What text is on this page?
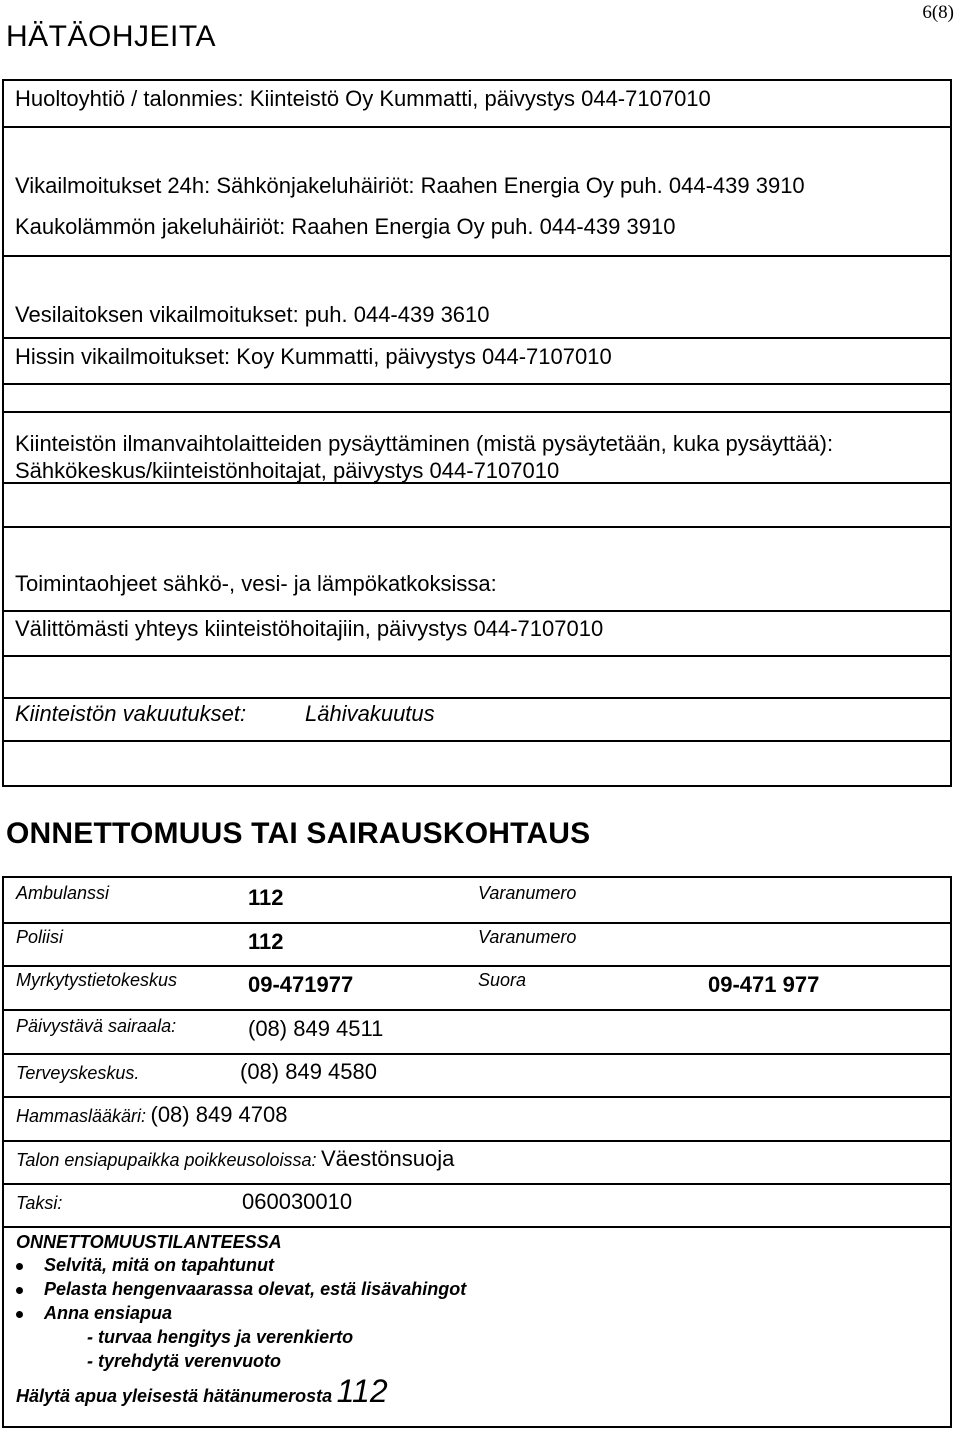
6(8)
HÄTÄOHJEITA
Huoltoyhtiö / talonmies: Kiinteistö Oy Kummatti, päivystys 044-7107010
Vikailmoitukset 24h: Sähkönjakeluhäiriöt: Raahen Energia Oy puh. 044-439 3910
Kaukolämmön jakeluhäiriöt: Raahen Energia Oy puh. 044-439 3910
Vesilaitoksen vikailmoitukset: puh. 044-439 3610
Hissin vikailmoitukset: Koy Kummatti, päivystys 044-7107010
Kiinteistön ilmanvaihtolaitteiden pysäyttäminen (mistä pysäytetään, kuka pysäyttää):
Sähkökeskus/kiinteistönhoitajat, päivystys 044-7107010
Toimintaohjeet sähkö-, vesi- ja lämpökatkoksissa:
Välittömästi yhteys kiinteistöhoitajiin, päivystys 044-7107010
Kiinteistön vakuutukset:	Lähivakuutus
ONNETTOMUUS TAI SAIRAUSKOHTAUS
Ambulanssi	112	Varanumero
Poliisi	112	Varanumero
Myrkytystietokeskus	09-471977	Suora	09-471 977
Päivystävä sairaala:	(08) 849 4511
Terveyskeskus.	(08) 849 4580
Hammaslääkäri: (08) 849 4708
Talon ensiapupaikka poikkeusoloissa: Väestönsuoja
Taksi:	060030010
ONNETTOMUUSTILANTEESSA
Selvitä, mitä on tapahtunut
Pelasta hengenvaarassa olevat, estä lisävahingot
Anna ensiapua
- turvaa hengitys ja verenkierto
- tyrehdytä verenvuoto
Hälytä apua yleisestä hätänumerosta 112
